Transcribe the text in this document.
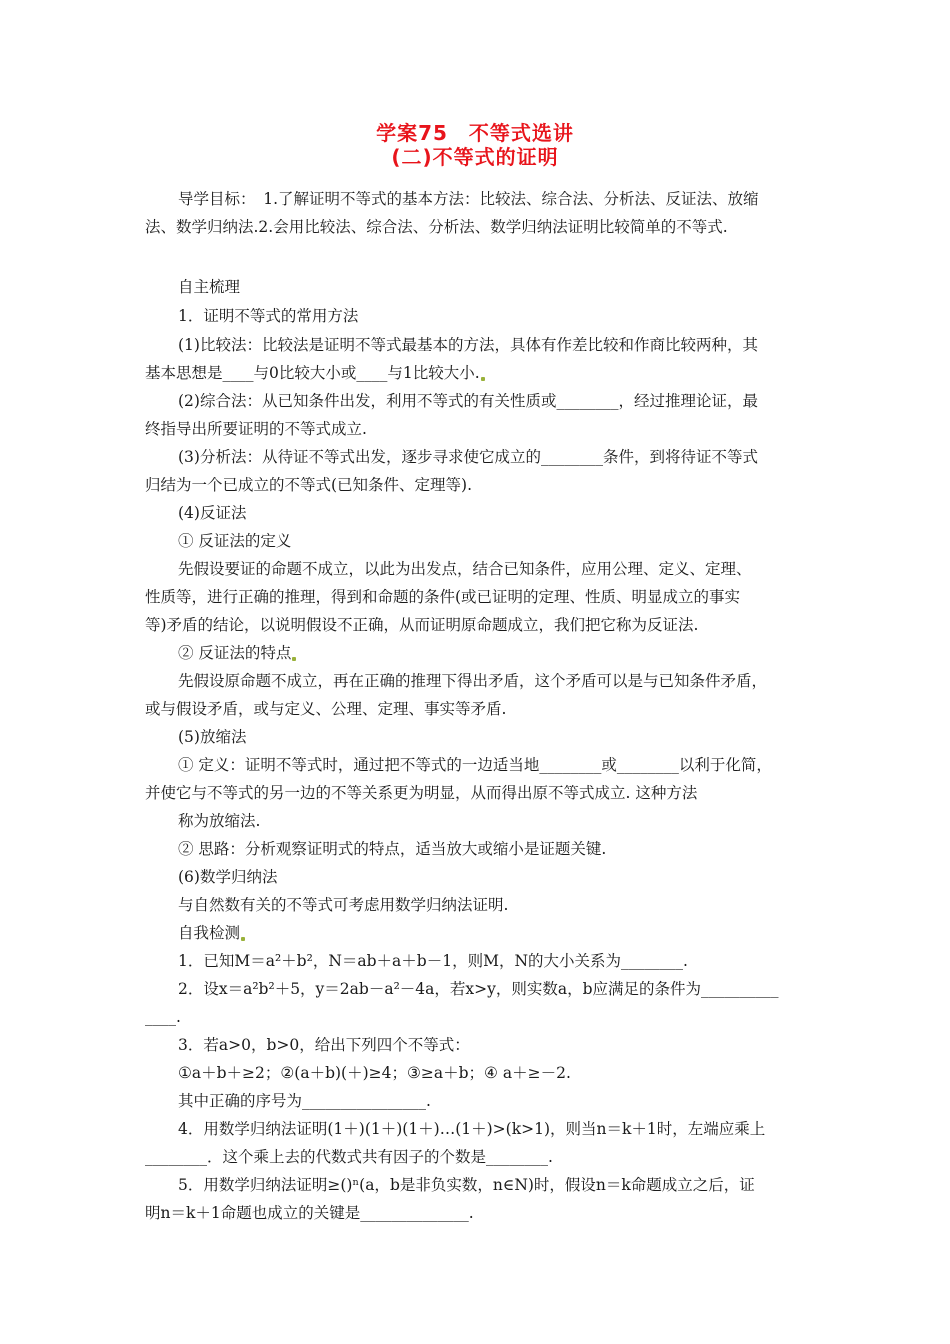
学案75　不等式选讲
(二)不等式的证明
导学目标：　1.了解证明不等式的基本方法：比较法、综合法、分析法、反证法、放缩
法、数学归纳法.2.会用比较法、综合法、分析法、数学归纳法证明比较简单的不等式.
自主梳理
1．证明不等式的常用方法
(1)比较法：比较法是证明不等式最基本的方法，具体有作差比较和作商比较两种，其
基本思想是____与0比较大小或____与1比较大小.
(2)综合法：从已知条件出发，利用不等式的有关性质或________，经过推理论证，最
终指导出所要证明的不等式成立.
(3)分析法：从待证不等式出发，逐步寻求使它成立的________条件，到将待证不等式
归结为一个已成立的不等式(已知条件、定理等).
(4)反证法
① 反证法的定义
先假设要证的命题不成立，以此为出发点，结合已知条件，应用公理、定义、定理、
性质等，进行正确的推理，得到和命题的条件(或已证明的定理、性质、明显成立的事实
等)矛盾的结论，以说明假设不正确，从而证明原命题成立，我们把它称为反证法.
② 反证法的特点
先假设原命题不成立，再在正确的推理下得出矛盾，这个矛盾可以是与已知条件矛盾，
或与假设矛盾，或与定义、公理、定理、事实等矛盾.
(5)放缩法
① 定义：证明不等式时，通过把不等式的一边适当地________或________以利于化简，
并使它与不等式的另一边的不等关系更为明显，从而得出原不等式成立. 这种方法
称为放缩法.
② 思路：分析观察证明式的特点，适当放大或缩小是证题关键.
(6)数学归纳法
与自然数有关的不等式可考虑用数学归纳法证明.
自我检测
1．已知M＝a²＋b²，N＝ab＋a＋b－1，则M，N的大小关系为________.
2．设x＝a²b²＋5，y＝2ab－a²－4a，若x>y，则实数a，b应满足的条件为__________
____.
3．若a>0，b>0，给出下列四个不等式：
①a＋b＋≥2；②(a＋b)(＋)≥4；③≥a＋b；④ a＋≥－2.
其中正确的序号为________________.
4．用数学归纳法证明(1＋)(1＋)(1＋)…(1＋)>(k>1)，则当n＝k＋1时，左端应乘上
________．这个乘上去的代数式共有因子的个数是________.
5．用数学归纳法证明≥()ⁿ(a，b是非负实数，n∈N)时，假设n＝k命题成立之后，证
明n＝k＋1命题也成立的关键是______________.
